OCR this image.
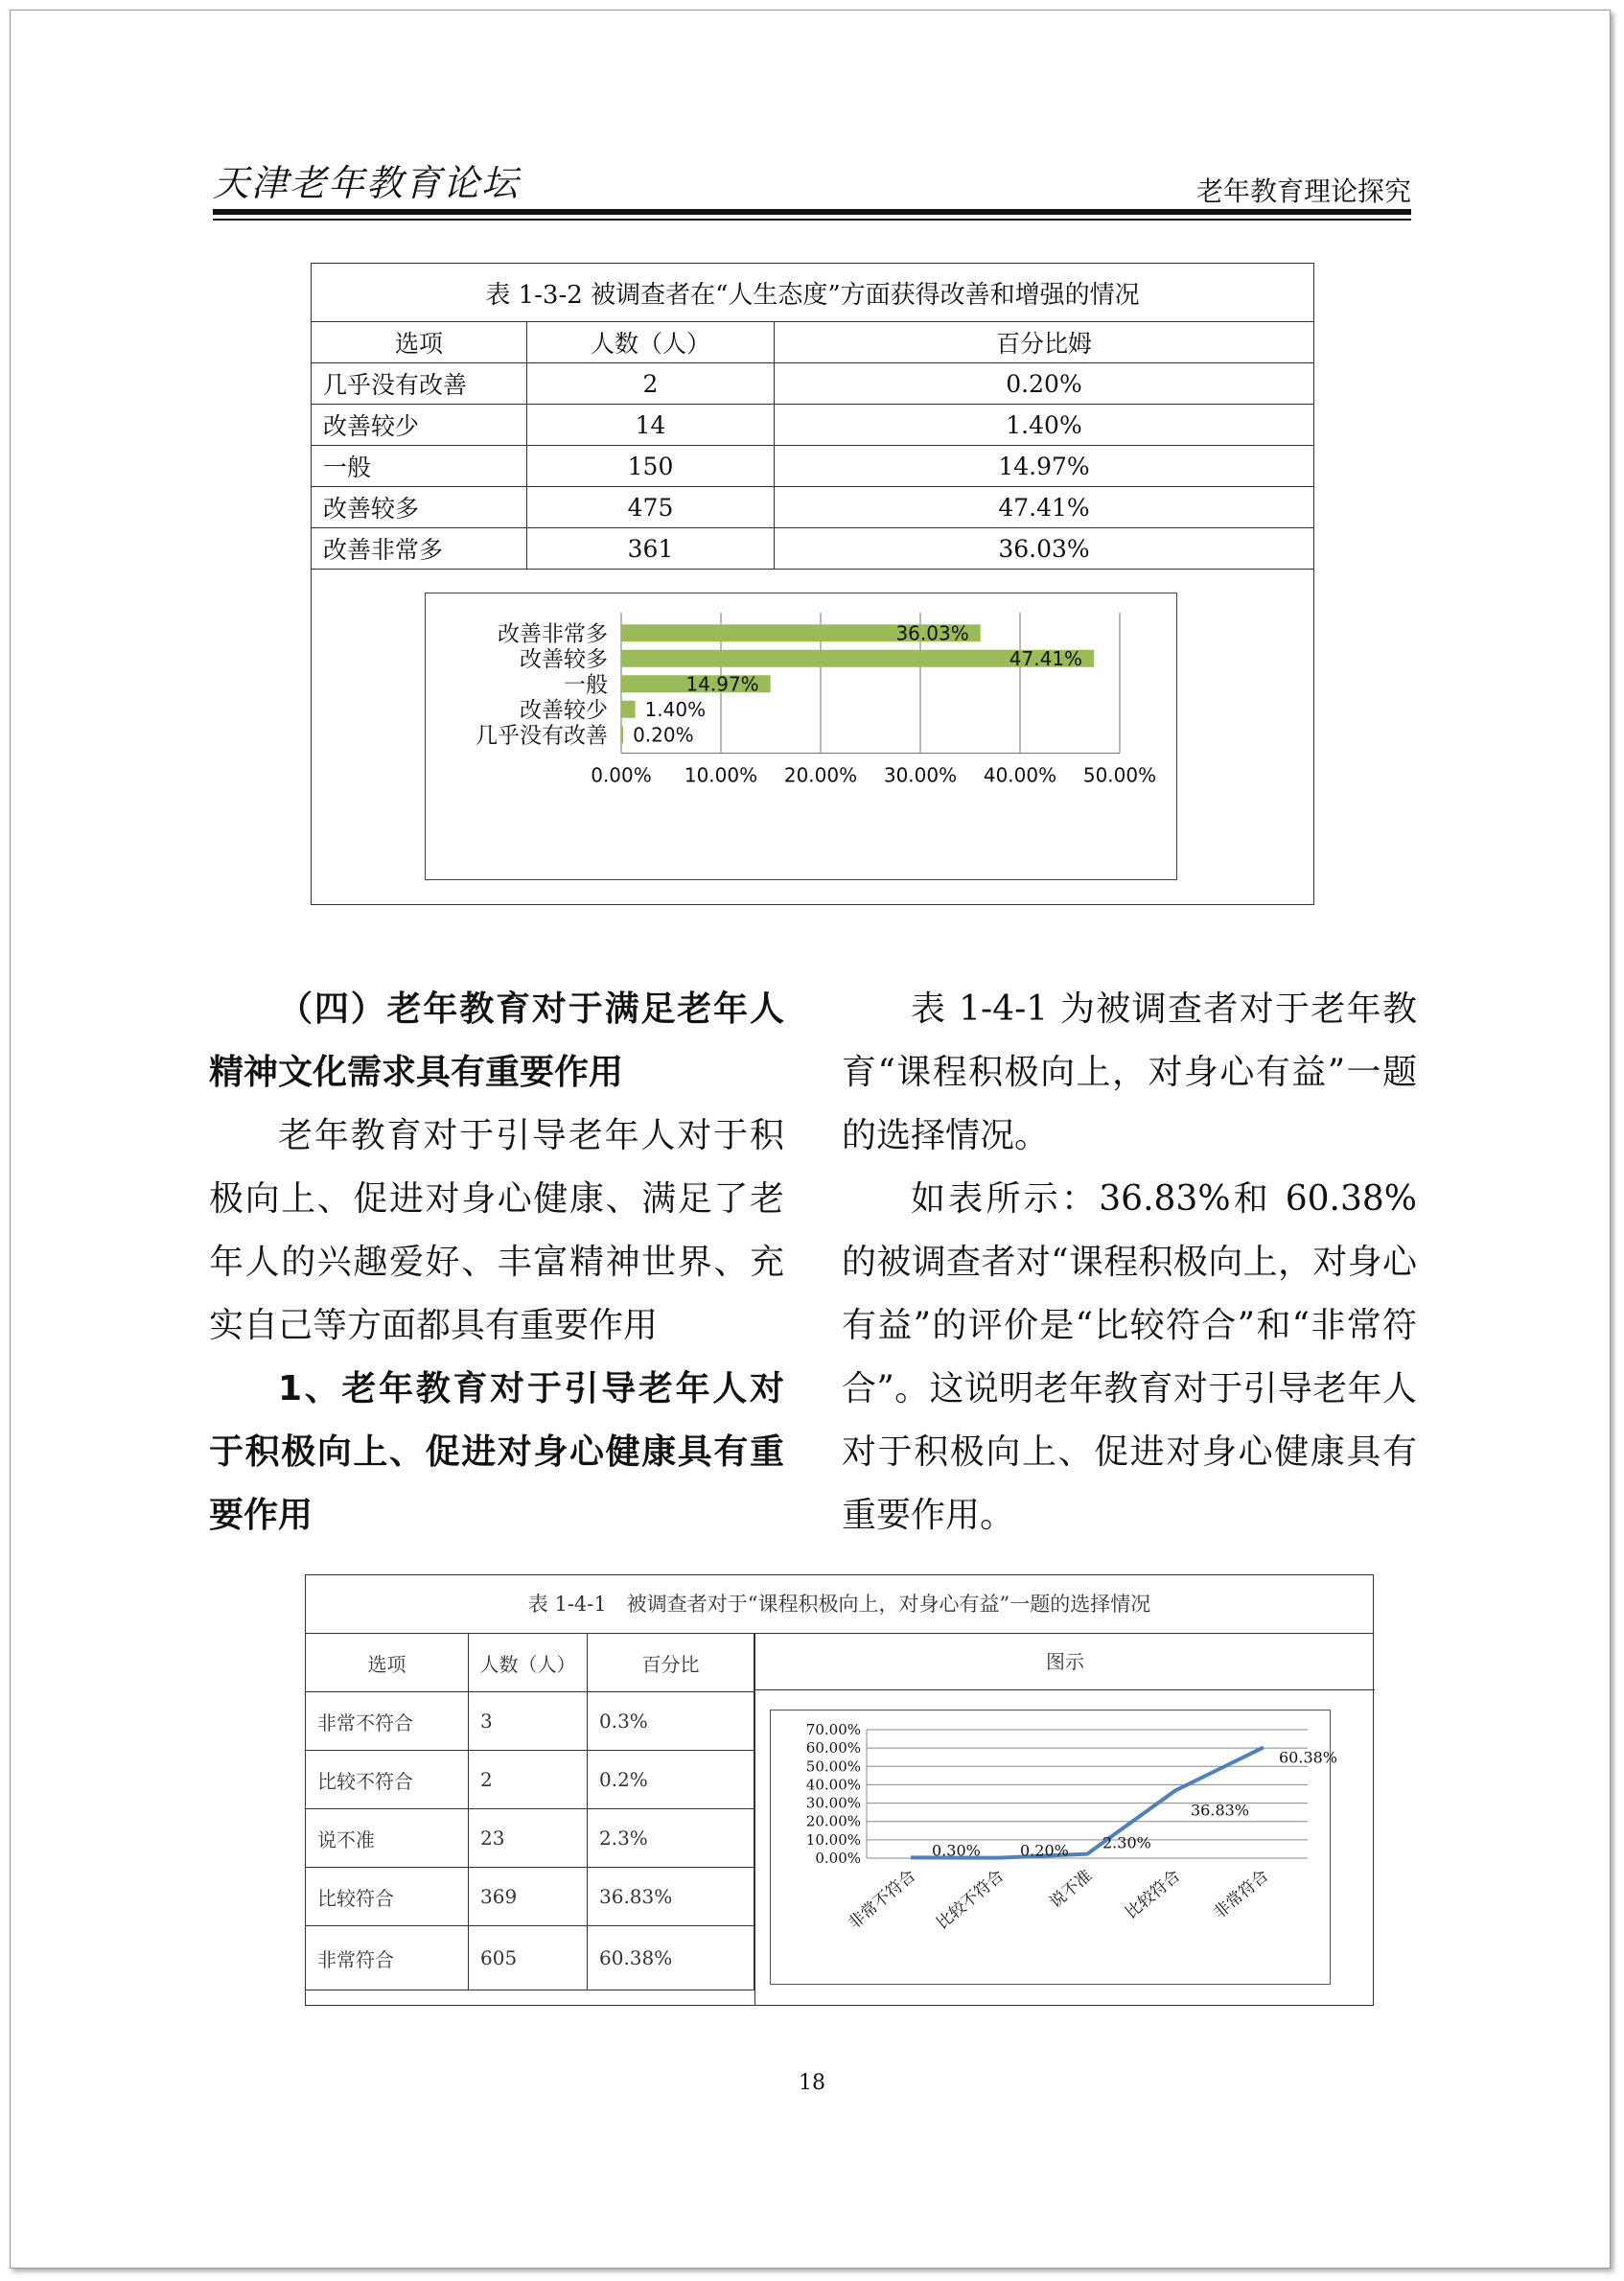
天津老年教育论坛	老年教育理论探究
表 1-3-2 被调查者在“人生态度”方面获得改善和增强的情况		
选项	人数（人）	百分比姆
几乎没有改善	2	0.20%
改善较少	14	1.40%
一般	150	14.97%
改善较多	475	47.41%
改善非常多	361	36.03%
0.00% 10.00% 20.00% 30.00% 40.00% 50.00%
改善非常多	36.03%
改善较多	47.41%
一般	14.97%
改善较少 1.40%
几乎没有改善 0.20%

（四）老年教育对于满足老年人精神文化需求具有重要作用

老年教育对于引导老年人对于积极向上、促进对身心健康、满足了老年人的兴趣爱好、丰富精神世界、充实自己等方面都具有重要作用

1、老年教育对于引导老年人对于积极向上、促进对身心健康具有重要作用

表 1-4-1 为被调查者对于老年教育“课程积极向上，对身心有益”一题的选择情况。

如表所示：36.83%和 60.38%的被调查者对“课程积极向上，对身心有益”的评价是“比较符合”和“非常符合”。这说明老年教育对于引导老年人对于积极向上、促进对身心健康具有重要作用。

表 1-4-1　被调查者对于“课程积极向上，对身心有益”一题的选择情况
选项	人数（人）	百分比
非常不符合	3	0.3%
比较不符合	2	0.2%
说不准	23	2.3%
比较符合	369	36.83%
非常符合	605	60.38%
图示
70.00%
60.00%
50.00%
40.00%
30.00%
20.00%
10.00%
0.00%	0.30%	0.20% 2.30%
36.83%
60.38%
非常不符合 比较不符合 说不准 比较符合 非常符合
18
